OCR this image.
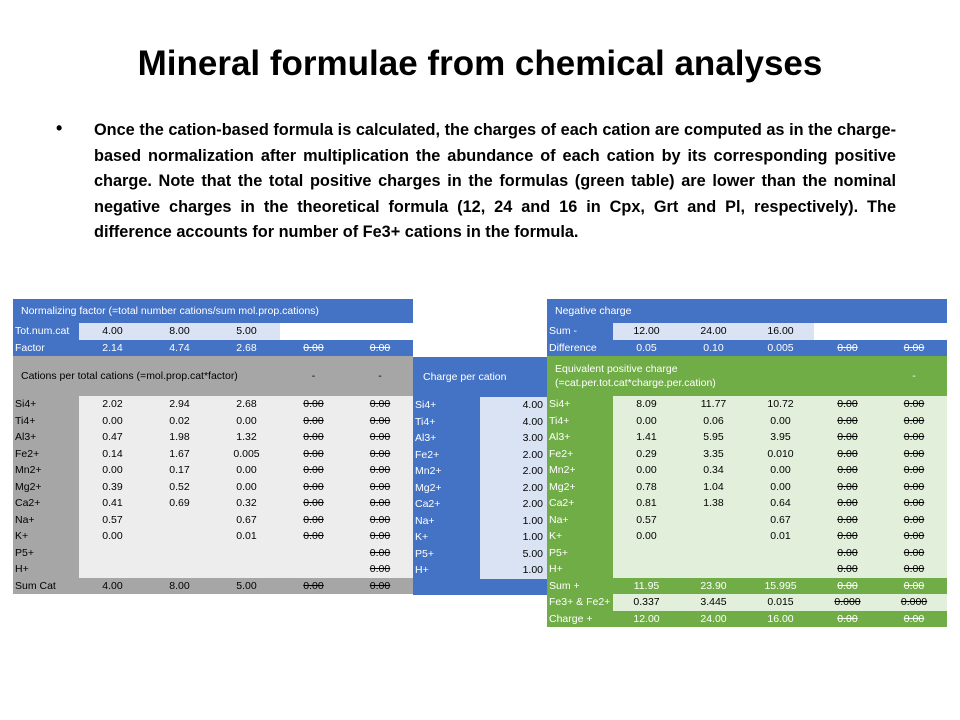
Mineral formulae from chemical analyses
• Once the cation-based formula is calculated, the charges of each cation are computed as in the charge-based normalization after multiplication the abundance of each cation by its corresponding positive charge. Note that the total positive charges in the formulas (green table) are lower than the nominal negative charges in the theoretical formula (12, 24 and 16 in Cpx, Grt and Pl, respectively). The difference accounts for number of Fe3+ cations in the formula.
Normalizing factor (=total number cations/sum mol.prop.cations)					
Tot.num.cat	4.00	8.00	5.00		
Factor	2.14	4.74	2.68	0.00	0.00
Cations per total cations (=mol.prop.cat*factor)				-	-
Si4+	2.02	2.94	2.68	0.00	0.00
Ti4+	0.00	0.02	0.00	0.00	0.00
Al3+	0.47	1.98	1.32	0.00	0.00
Fe2+	0.14	1.67	0.005	0.00	0.00
Mn2+	0.00	0.17	0.00	0.00	0.00
Mg2+	0.39	0.52	0.00	0.00	0.00
Ca2+	0.41	0.69	0.32	0.00	0.00
Na+	0.57		0.67	0.00	0.00
K+	0.00		0.01	0.00	0.00
P5+					0.00
H+					0.00
Sum Cat	4.00	8.00	5.00	0.00	0.00
Charge per cation	
Si4+	4.00
Ti4+	4.00
Al3+	3.00
Fe2+	2.00
Mn2+	2.00
Mg2+	2.00
Ca2+	2.00
Na+	1.00
K+	1.00
P5+	5.00
H+	1.00

Negative charge					
Sum -	12.00	24.00	16.00		
Difference	0.05	0.10	0.005	0.00	0.00

Equivalent positive charge
(=cat.per.tot.cat*charge.per.cation)					-
Si4+	8.09	11.77	10.72	0.00	0.00
Ti4+	0.00	0.06	0.00	0.00	0.00
Al3+	1.41	5.95	3.95	0.00	0.00
Fe2+	0.29	3.35	0.010	0.00	0.00
Mn2+	0.00	0.34	0.00	0.00	0.00
Mg2+	0.78	1.04	0.00	0.00	0.00
Ca2+	0.81	1.38	0.64	0.00	0.00
Na+	0.57		0.67	0.00	0.00
K+	0.00		0.01	0.00	0.00
P5+				0.00	0.00
H+				0.00	0.00
Sum +	11.95	23.90	15.995	0.00	0.00
Fe3+ & Fe2+	0.337	3.445	0.015	0.000	0.000
Charge +	12.00	24.00	16.00	0.00	0.00
